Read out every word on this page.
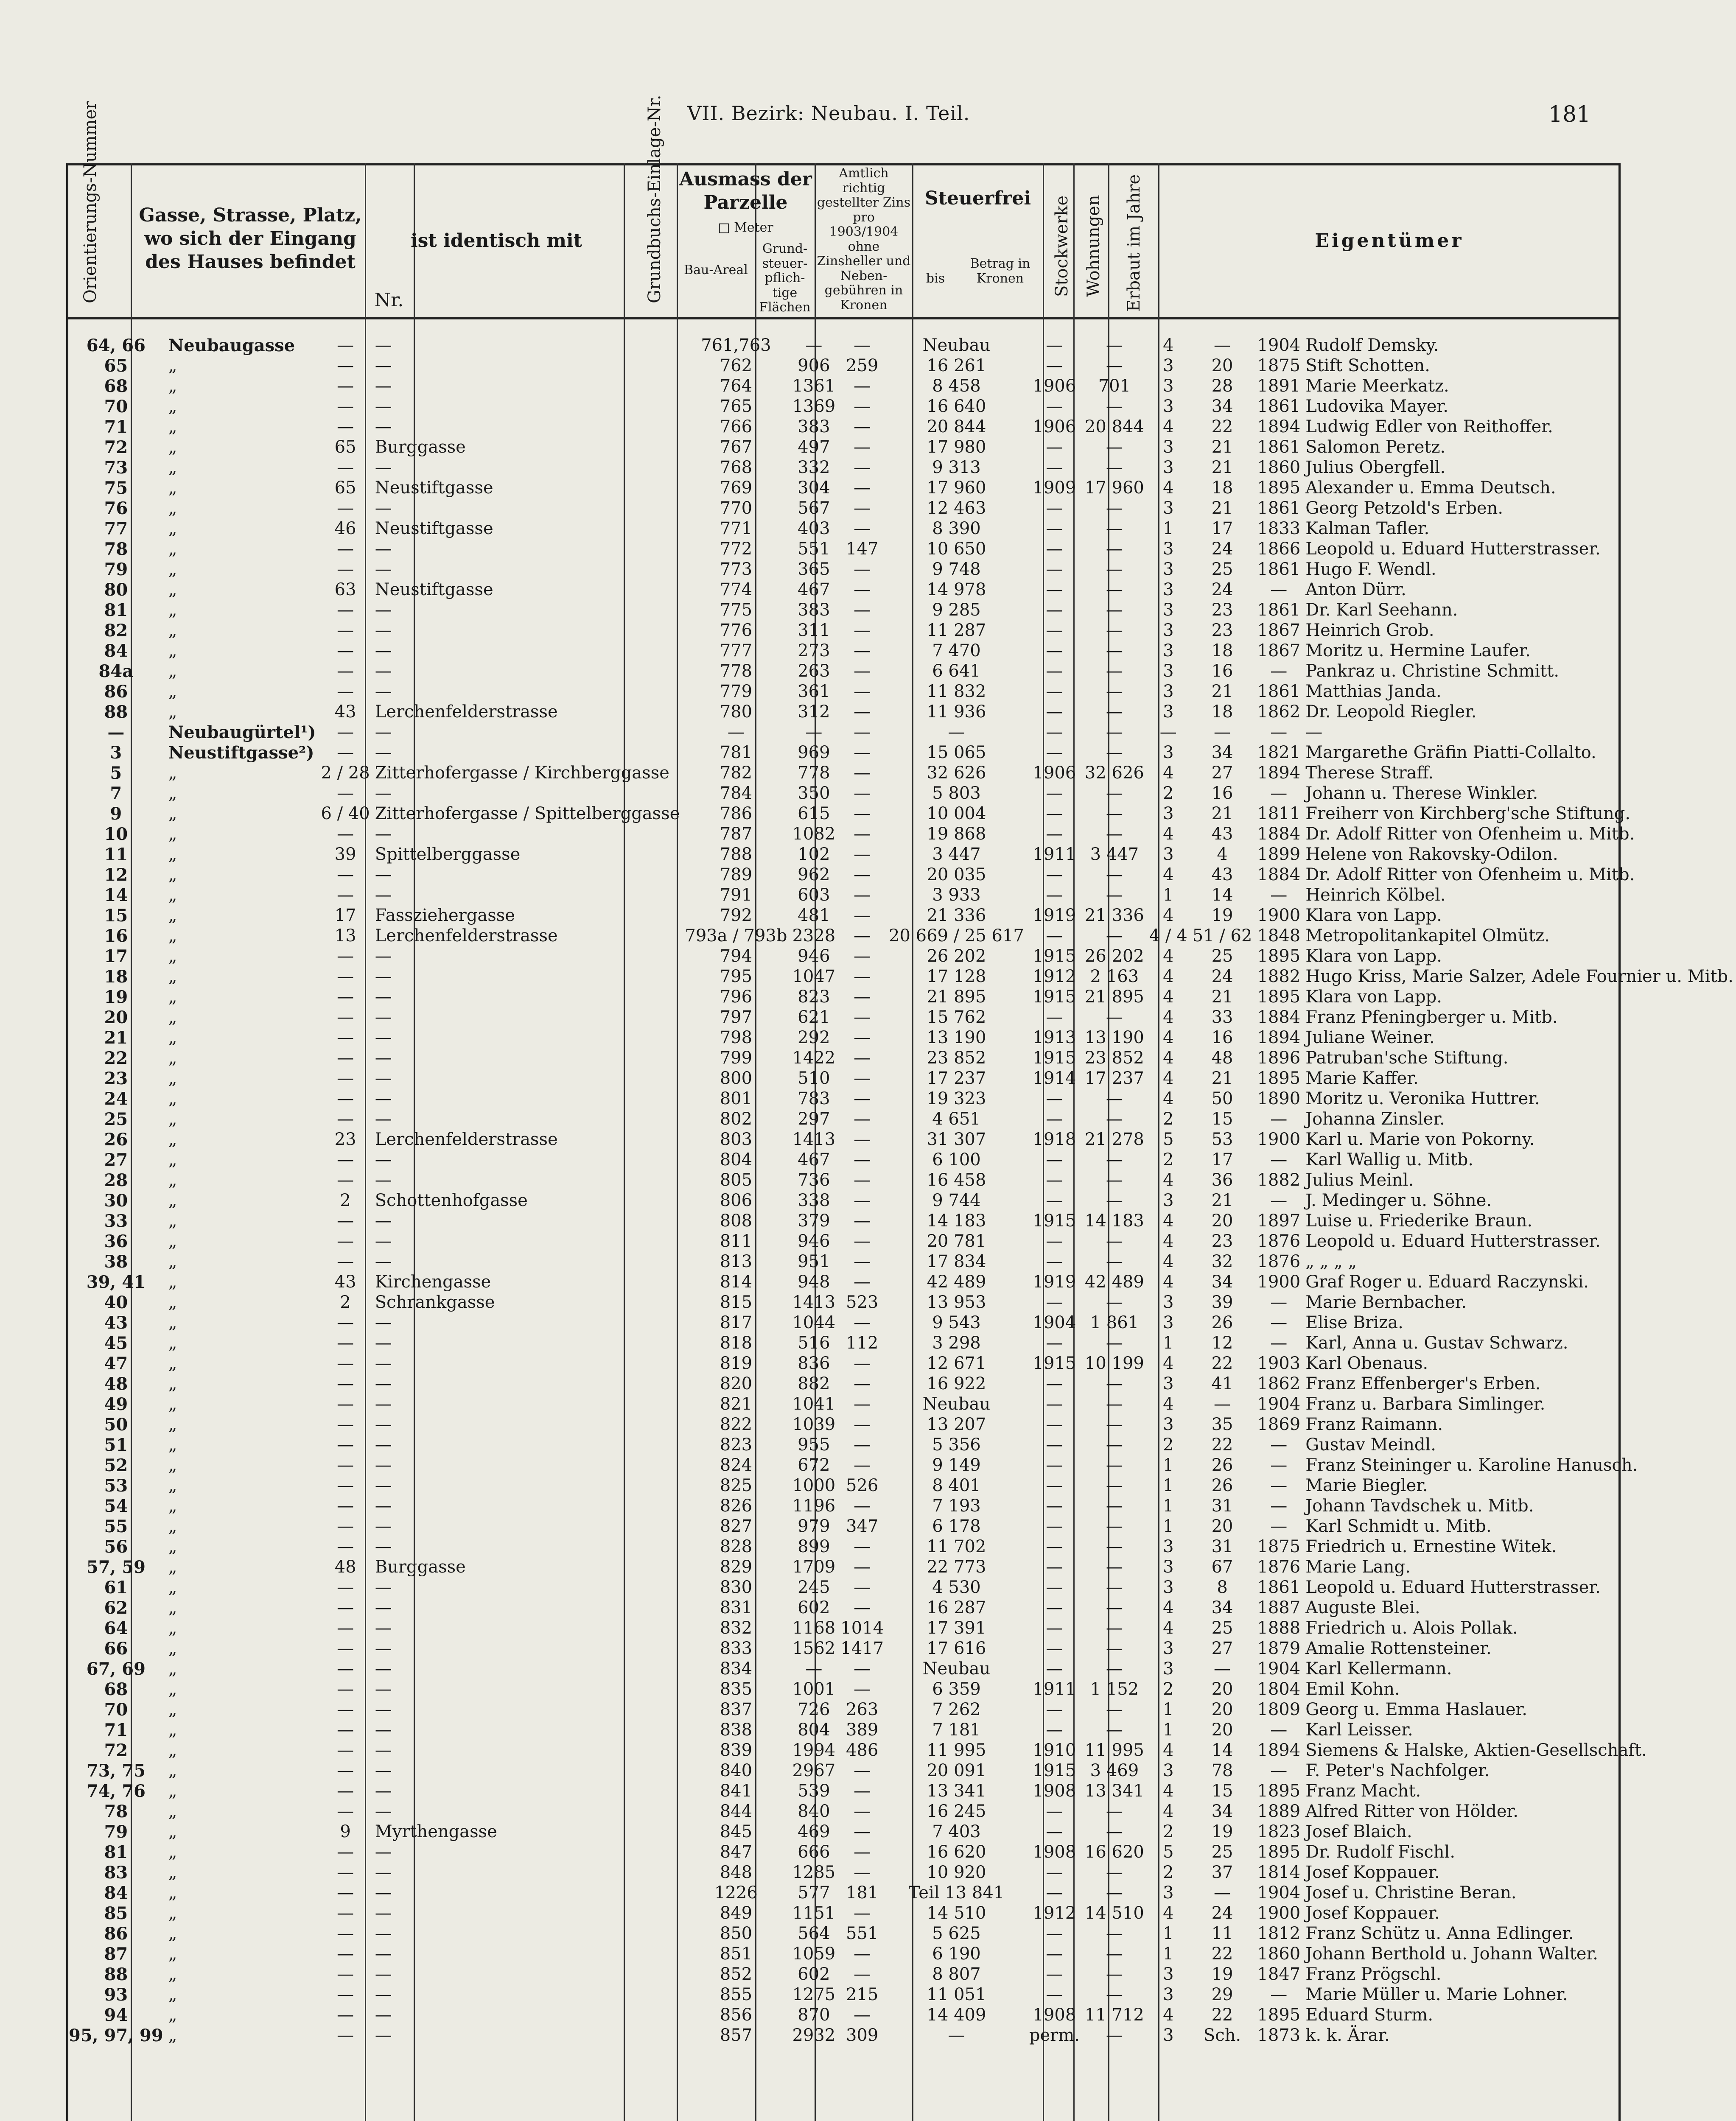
VII. Bezirk: Neubau. I. Teil.	181
Orientierungs-Nummer Gasse, Strasse, Platz, wo sich der Eingang des Hauses befindet
ist identisch mit
Nr.	Grundbuchs-Einlage-Nr. Ausmass der Parzelle
□ Meter
Bau-Areal
Grund-steuer-pflich-tige Flächen
Amtlich richtig gestellter Zins pro 1903/1904 ohne Zinsheller und Neben-gebühren in Kronen
Steuerfrei
bis
Betrag in Kronen	Stockwerke Wohnungen Erbaut im Jahre	Eigentümer
64, 66	Neubaugasse	—	—	761,763	—	—	Neubau	—	—	4	—	1904	Rudolf Demsky.
65	„	—	—	762	906	259	16 261	—	—	3	20	1875	Stift Schotten.
68	„	—	—	764	1361	—	8 458	1906	701	3	28	1891	Marie Meerkatz.
70	„	—	—	765	1369	—	16 640	—	—	3	34	1861	Ludovika Mayer.
71	„	—	—	766	383	—	20 844	1906	20 844	4	22	1894	Ludwig Edler von Reithoffer.
72	„	65	Burggasse	767	497	—	17 980	—	—	3	21	1861	Salomon Peretz.
73	„	—	—	768	332	—	9 313	—	—	3	21	1860	Julius Obergfell.
75	„	65	Neustiftgasse	769	304	—	17 960	1909	17 960	4	18	1895	Alexander u. Emma Deutsch.
76	„	—	—	770	567	—	12 463	—	—	3	21	1861	Georg Petzold's Erben.
77	„	46	Neustiftgasse	771	403	—	8 390	—	—	1	17	1833	Kalman Tafler.
78	„	—	—	772	551	147	10 650	—	—	3	24	1866	Leopold u. Eduard Hutterstrasser.
79	„	—	—	773	365	—	9 748	—	—	3	25	1861	Hugo F. Wendl.
80	„	63	Neustiftgasse	774	467	—	14 978	—	—	3	24	—	Anton Dürr.
81	„	—	—	775	383	—	9 285	—	—	3	23	1861	Dr. Karl Seehann.
82	„	—	—	776	311	—	11 287	—	—	3	23	1867	Heinrich Grob.
84	„	—	—	777	273	—	7 470	—	—	3	18	1867	Moritz u. Hermine Laufer.
84a	„	—	—	778	263	—	6 641	—	—	3	16	—	Pankraz u. Christine Schmitt.
86	„	—	—	779	361	—	11 832	—	—	3	21	1861	Matthias Janda.
88	„	43	Lerchenfelderstrasse	780	312	—	11 936	—	—	3	18	1862	Dr. Leopold Riegler.
—	Neubaugürtel¹)	—	—	—	—	—	—	—	—	—	—	—	—
3	Neustiftgasse²)	—	—	781	969	—	15 065	—	—	3	34	1821	Margarethe Gräfin Piatti-Collalto.
5	„	2 / 28	Zitterhofergasse / Kirchberggasse	782	778	—	32 626	1906	32 626	4	27	1894	Therese Straff.
7	„	—	—	784	350	—	5 803	—	—	2	16	—	Johann u. Therese Winkler.
9	„	6 / 40	Zitterhofergasse / Spittelberggasse	786	615	—	10 004	—	—	3	21	1811	Freiherr von Kirchberg'sche Stiftung.
10	„	—	—	787	1082	—	19 868	—	—	4	43	1884	Dr. Adolf Ritter von Ofenheim u. Mitb.
11	„	39	Spittelberggasse	788	102	—	3 447	1911	3 447	3	4	1899	Helene von Rakovsky-Odilon.
12	„	—	—	789	962	—	20 035	—	—	4	43	1884	Dr. Adolf Ritter von Ofenheim u. Mitb.
14	„	—	—	791	603	—	3 933	—	—	1	14	—	Heinrich Kölbel.
15	„	17	Fassziehergasse	792	481	—	21 336	1919	21 336	4	19	1900	Klara von Lapp.
16	„	13	Lerchenfelderstrasse	793a / 793b	2328	—	20 669 / 25 617	—	—	4 / 4	51 / 62	1848	Metropolitankapitel Olmütz.
17	„	—	—	794	946	—	26 202	1915	26 202	4	25	1895	Klara von Lapp.
18	„	—	—	795	1047	—	17 128	1912	2 163	4	24	1882	Hugo Kriss, Marie Salzer, Adele Fournier u. Mitb.
19	„	—	—	796	823	—	21 895	1915	21 895	4	21	1895	Klara von Lapp.
20	„	—	—	797	621	—	15 762	—	—	4	33	1884	Franz Pfeningberger u. Mitb.
21	„	—	—	798	292	—	13 190	1913	13 190	4	16	1894	Juliane Weiner.
22	„	—	—	799	1422	—	23 852	1915	23 852	4	48	1896	Patruban'sche Stiftung.
23	„	—	—	800	510	—	17 237	1914	17 237	4	21	1895	Marie Kaffer.
24	„	—	—	801	783	—	19 323	—	—	4	50	1890	Moritz u. Veronika Huttrer.
25	„	—	—	802	297	—	4 651	—	—	2	15	—	Johanna Zinsler.
26	„	23	Lerchenfelderstrasse	803	1413	—	31 307	1918	21 278	5	53	1900	Karl u. Marie von Pokorny.
27	„	—	—	804	467	—	6 100	—	—	2	17	—	Karl Wallig u. Mitb.
28	„	—	—	805	736	—	16 458	—	—	4	36	1882	Julius Meinl.
30	„	2	Schottenhofgasse	806	338	—	9 744	—	—	3	21	—	J. Medinger u. Söhne.
33	„	—	—	808	379	—	14 183	1915	14 183	4	20	1897	Luise u. Friederike Braun.
36	„	—	—	811	946	—	20 781	—	—	4	23	1876	Leopold u. Eduard Hutterstrasser.
38	„	—	—	813	951	—	17 834	—	—	4	32	1876	„ „ „ „
39, 41	„	43	Kirchengasse	814	948	—	42 489	1919	42 489	4	34	1900	Graf Roger u. Eduard Raczynski.
40	„	2	Schrankgasse	815	1413	523	13 953	—	—	3	39	—	Marie Bernbacher.
43	„	—	—	817	1044	—	9 543	1904	1 861	3	26	—	Elise Briza.
45	„	—	—	818	516	112	3 298	—	—	1	12	—	Karl, Anna u. Gustav Schwarz.
47	„	—	—	819	836	—	12 671	1915	10 199	4	22	1903	Karl Obenaus.
48	„	—	—	820	882	—	16 922	—	—	3	41	1862	Franz Effenberger's Erben.
49	„	—	—	821	1041	—	Neubau	—	—	4	—	1904	Franz u. Barbara Simlinger.
50	„	—	—	822	1039	—	13 207	—	—	3	35	1869	Franz Raimann.
51	„	—	—	823	955	—	5 356	—	—	2	22	—	Gustav Meindl.
52	„	—	—	824	672	—	9 149	—	—	1	26	—	Franz Steininger u. Karoline Hanusch.
53	„	—	—	825	1000	526	8 401	—	—	1	26	—	Marie Biegler.
54	„	—	—	826	1196	—	7 193	—	—	1	31	—	Johann Tavdschek u. Mitb.
55	„	—	—	827	979	347	6 178	—	—	1	20	—	Karl Schmidt u. Mitb.
56	„	—	—	828	899	—	11 702	—	—	3	31	1875	Friedrich u. Ernestine Witek.
57, 59	„	48	Burggasse	829	1709	—	22 773	—	—	3	67	1876	Marie Lang.
61	„	—	—	830	245	—	4 530	—	—	3	8	1861	Leopold u. Eduard Hutterstrasser.
62	„	—	—	831	602	—	16 287	—	—	4	34	1887	Auguste Blei.
64	„	—	—	832	1168	1014	17 391	—	—	4	25	1888	Friedrich u. Alois Pollak.
66	„	—	—	833	1562	1417	17 616	—	—	3	27	1879	Amalie Rottensteiner.
67, 69	„	—	—	834	—	—	Neubau	—	—	3	—	1904	Karl Kellermann.
68	„	—	—	835	1001	—	6 359	1911	1 152	2	20	1804	Emil Kohn.
70	„	—	—	837	726	263	7 262	—	—	1	20	1809	Georg u. Emma Haslauer.
71	„	—	—	838	804	389	7 181	—	—	1	20	—	Karl Leisser.
72	„	—	—	839	1994	486	11 995	1910	11 995	4	14	1894	Siemens & Halske, Aktien-Gesellschaft.
73, 75	„	—	—	840	2967	—	20 091	1915	3 469	3	78	—	F. Peter's Nachfolger.
74, 76	„	—	—	841	539	—	13 341	1908	13 341	4	15	1895	Franz Macht.
78	„	—	—	844	840	—	16 245	—	—	4	34	1889	Alfred Ritter von Hölder.
79	„	9	Myrthengasse	845	469	—	7 403	—	—	2	19	1823	Josef Blaich.
81	„	—	—	847	666	—	16 620	1908	16 620	5	25	1895	Dr. Rudolf Fischl.
83	„	—	—	848	1285	—	10 920	—	—	2	37	1814	Josef Koppauer.
84	„	—	—	1226	577	181	Teil 13 841	—	—	3	—	1904	Josef u. Christine Beran.
85	„	—	—	849	1151	—	14 510	1912	14 510	4	24	1900	Josef Koppauer.
86	„	—	—	850	564	551	5 625	—	—	1	11	1812	Franz Schütz u. Anna Edlinger.
87	„	—	—	851	1059	—	6 190	—	—	1	22	1860	Johann Berthold u. Johann Walter.
88	„	—	—	852	602	—	8 807	—	—	3	19	1847	Franz Prögschl.
93	„	—	—	855	1275	215	11 051	—	—	3	29	—	Marie Müller u. Marie Lohner.
94	„	—	—	856	870	—	14 409	1908	11 712	4	22	1895	Eduard Sturm.
95, 97, 99	„	—	—	857	2932	309	—	perm.	—	3	Sch.	1873	k. k. Ärar.
